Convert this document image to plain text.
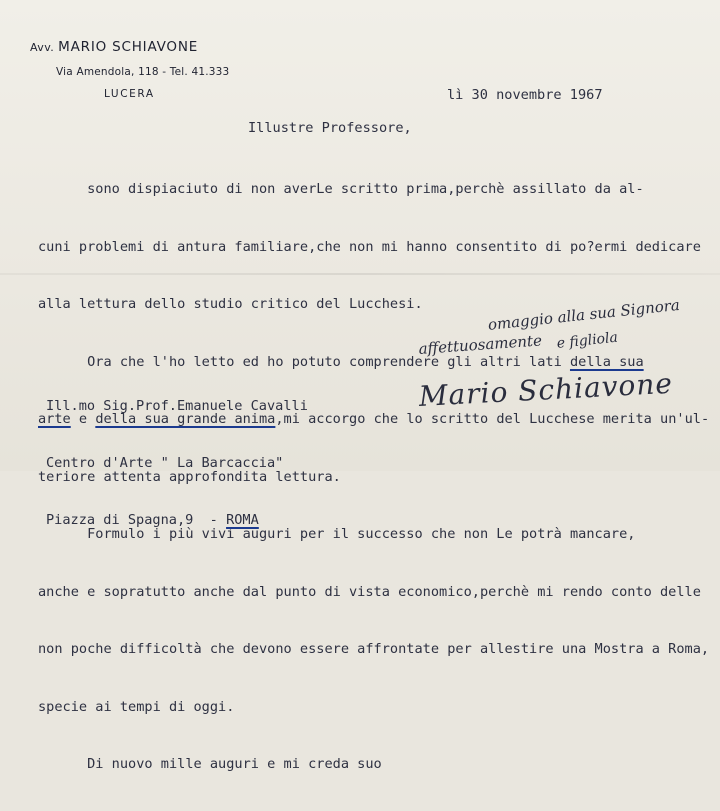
Avv. MARIO SCHIAVONE
Via Amendola, 118 - Tel. 41.333
LUCERA	lì 30 novembre 1967
Illustre Professore,

sono dispiaciuto di non averLe scritto prima,perchè assillato da al-

cuni problemi di antura familiare,che non mi hanno consentito di po?ermi dedicare

alla lettura dello studio critico del Lucchesi.

Ora che l'ho letto ed ho potuto comprendere gli altri lati della sua

arte e della sua grande anima,mi accorgo che lo scritto del Lucchese merita un'ul-

teriore attenta approfondita lettura.

Formulo i più vivi auguri per il successo che non Le potrà mancare,

anche e sopratutto anche dal punto di vista economico,perchè mi rendo conto delle

non poche difficoltà che devono essere affrontate per allestire una Mostra a Roma,

specie ai tempi di oggi.

Di nuovo mille auguri e mi creda suo

Ill.mo Sig.Prof.Emanuele Cavalli

Centro d'Arte " La Barcaccia"

Piazza di Spagna,9  - ROMA

omaggio alla sua Signora
e figliola
affettuosamente
Mario Schiavone
